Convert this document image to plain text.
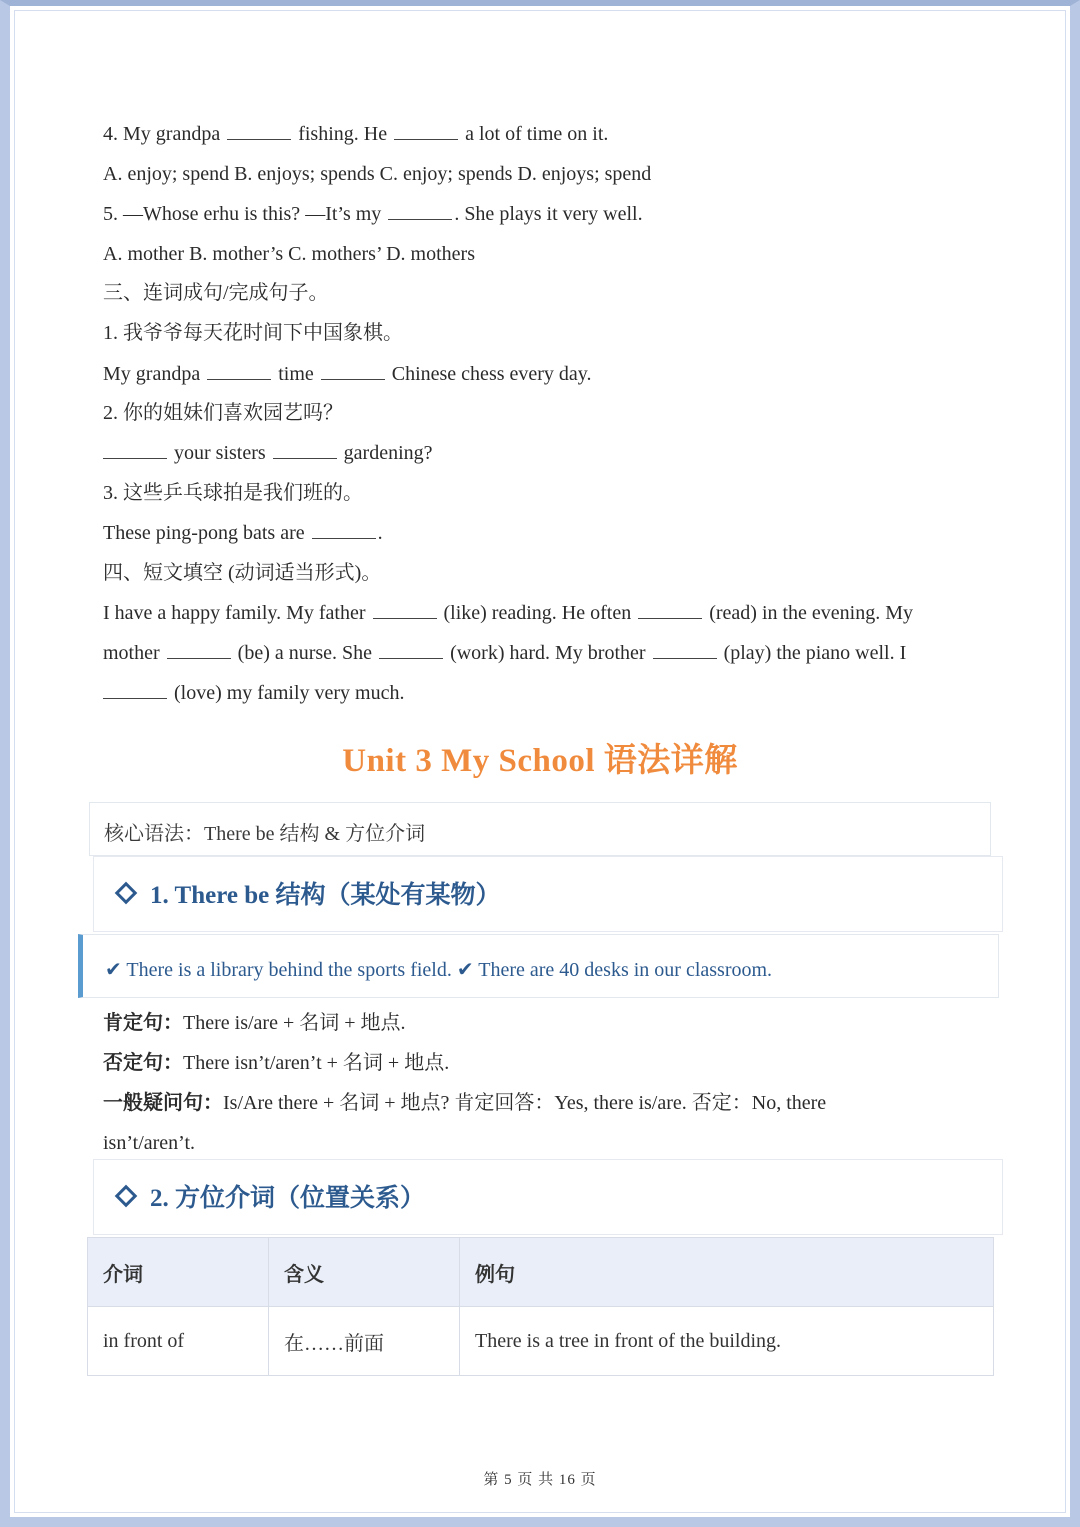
4. My grandpa	fishing. He	a lot of time on it.
A. enjoy; spend B. enjoys; spends C. enjoy; spends D. enjoys; spend
5. —Whose erhu is this? —It’s my	. She plays it very well.
A. mother B. mother’s C. mothers’ D. mothers
三、连词成句/完成句子。
1. 我爷爷每天花时间下中国象棋。
My grandpa	time	Chinese chess every day.
2. 你的姐妹们喜欢园艺吗？
your sisters	gardening?
3. 这些乒乓球拍是我们班的。
These ping-pong bats are	.
四、短文填空 (动词适当形式)。
I have a happy family. My father	(like) reading. He often	(read) in the evening. My
mother	(be) a nurse. She	(work) hard. My brother	(play) the piano well. I
(love) my family very much.
Unit 3 My School 语法详解
核心语法：There be 结构 & 方位介词
1. There be 结构（某处有某物）
✔ There is a library behind the sports field. ✔ There are 40 desks in our classroom.
肯定句：There is/are + 名词 + 地点.
否定句：There isn’t/aren’t + 名词 + 地点.
一般疑问句：Is/Are there + 名词 + 地点? 肯定回答：Yes, there is/are. 否定：No, there
isn’t/aren’t.
2. 方位介词（位置关系）
介词	含义	例句
in front of	在……前面	There is a tree in front of the building.
第 5 页 共 16 页
